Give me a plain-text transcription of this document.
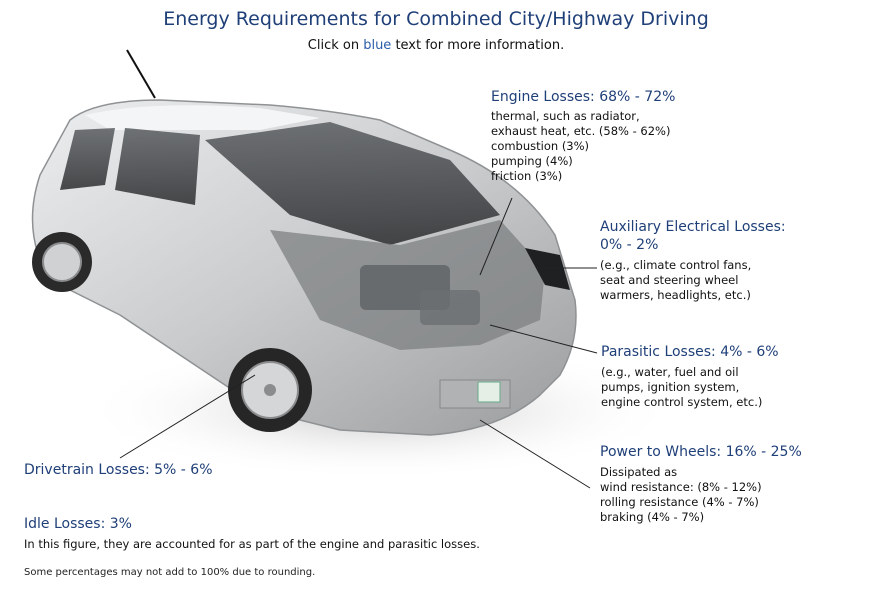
Energy Requirements for Combined City/Highway Driving
Click on blue text for more information.
Engine Losses: 68% - 72%
thermal, such as radiator,
exhaust heat, etc. (58% - 62%)
combustion (3%)
pumping (4%)
friction (3%)
Auxiliary Electrical Losses:
0% - 2%
(e.g., climate control fans,
seat and steering wheel
warmers, headlights, etc.)
Parasitic Losses: 4% - 6%
(e.g., water, fuel and oil
pumps, ignition system,
engine control system, etc.)
Power to Wheels: 16% - 25%
Dissipated as
wind resistance: (8% - 12%)
rolling resistance (4% - 7%)
braking (4% - 7%)
Drivetrain Losses: 5% - 6%
Idle Losses: 3%
In this figure, they are accounted for as part of the engine and parasitic losses.
Some percentages may not add to 100% due to rounding.
